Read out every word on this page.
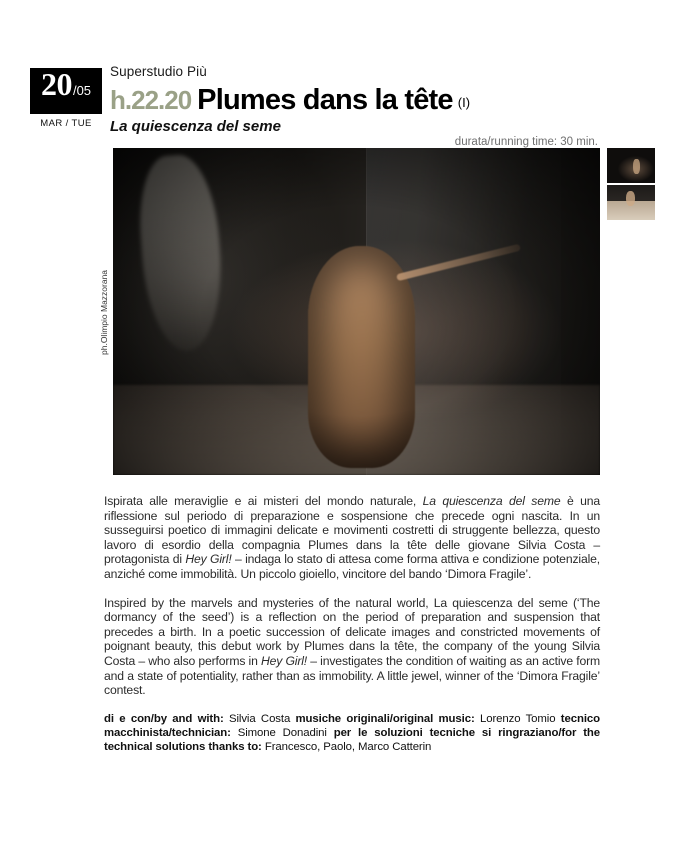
20 /05
MAR / TUE
Superstudio Più
h.22.20 Plumes dans la tête (I)
La quiescenza del seme
durata/running time: 30 min.
ph.Olimpio Mazzorana

Ispirata alle meraviglie e ai misteri del mondo naturale, La quiescenza del seme è una riflessione sul periodo di preparazione e sospensione che precede ogni nascita. In un susseguirsi poetico di immagini delicate e movimenti costretti di struggente bellezza, questo lavoro di esordio della compagnia Plumes dans la tête delle giovane Silvia Costa – protagonista di Hey Girl! – indaga lo stato di attesa come forma attiva e condizione potenziale, anziché come immobilità. Un piccolo gioiello, vincitore del bando ‘Dimora Fragile’.

Inspired by the marvels and mysteries of the natural world, La quiescenza del seme (‘The dormancy of the seed’) is a reflection on the period of preparation and suspension that precedes a birth. In a poetic succession of delicate images and constricted movements of poignant beauty, this debut work by Plumes dans la tête, the company of the young Silvia Costa – who also performs in Hey Girl! – investigates the condition of waiting as an active form and a state of potentiality, rather than as immobility. A little jewel, winner of the ‘Dimora Fragile’ contest.

di e con/by and with: Silvia Costa musiche originali/original music: Lorenzo Tomio tecnico macchinista/technician: Simone Donadini per le soluzioni tecniche si ringraziano/for the technical solutions thanks to: Francesco, Paolo, Marco Catterin
